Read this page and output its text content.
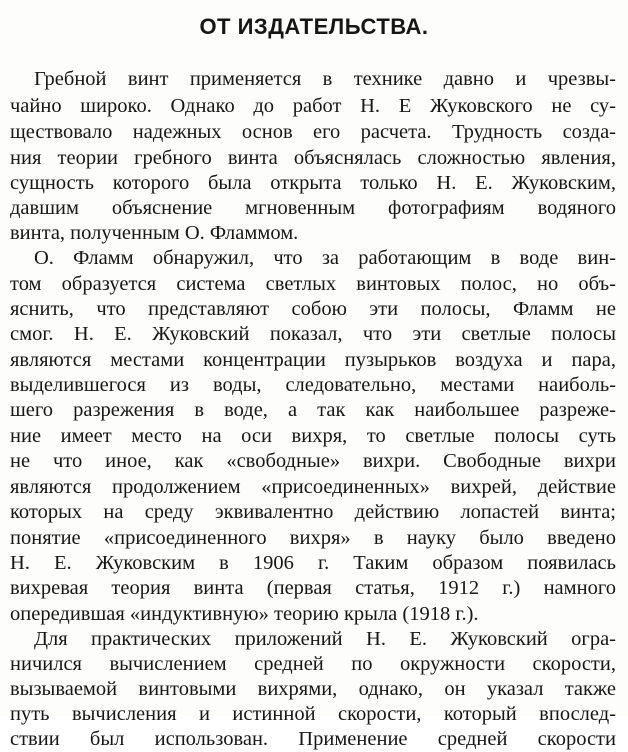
ОТ ИЗДАТЕЛЬСТВА.
Гребной винт применяется в технике давно и чрезвы-
чайно широко. Однако до работ Н. Е Жуковского не су-
ществовало надежных основ его расчета. Трудность созда-
ния теории гребного винта объяснялась сложностью явления,
сущность которого была открыта только Н. Е. Жуковским,
давшим объяснение мгновенным фотографиям водяного
винта, полученным О. Фламмом.
О. Фламм обнаружил, что за работающим в воде вин-
том образуется система светлых винтовых полос, но объ-
яснить, что представляют собою эти полосы, Фламм не
смог. Н. Е. Жуковский показал, что эти светлые полосы
являются местами концентрации пузырьков воздуха и пара,
выделившегося из воды, следовательно, местами наиболь-
шего разрежения в воде, а так как наибольшее разреже-
ние имеет место на оси вихря, то светлые полосы суть
не что иное, как «свободные» вихри. Свободные вихри
являются продолжением «присоединенных» вихрей, действие
которых на среду эквивалентно действию лопастей винта;
понятие «присоединенного вихря» в науку было введено
Н. Е. Жуковским в 1906 г. Таким образом появилась
вихревая теория винта (первая статья, 1912 г.) намного
опередившая «индуктивную» теорию крыла (1918 г.).
Для практических приложений Н. Е. Жуковский огра-
ничился вычислением средней по окружности скорости,
вызываемой винтовыми вихрями, однако, он указал также
путь вычисления и истинной скорости, который впослед-
ствии был использован. Применение средней скорости
